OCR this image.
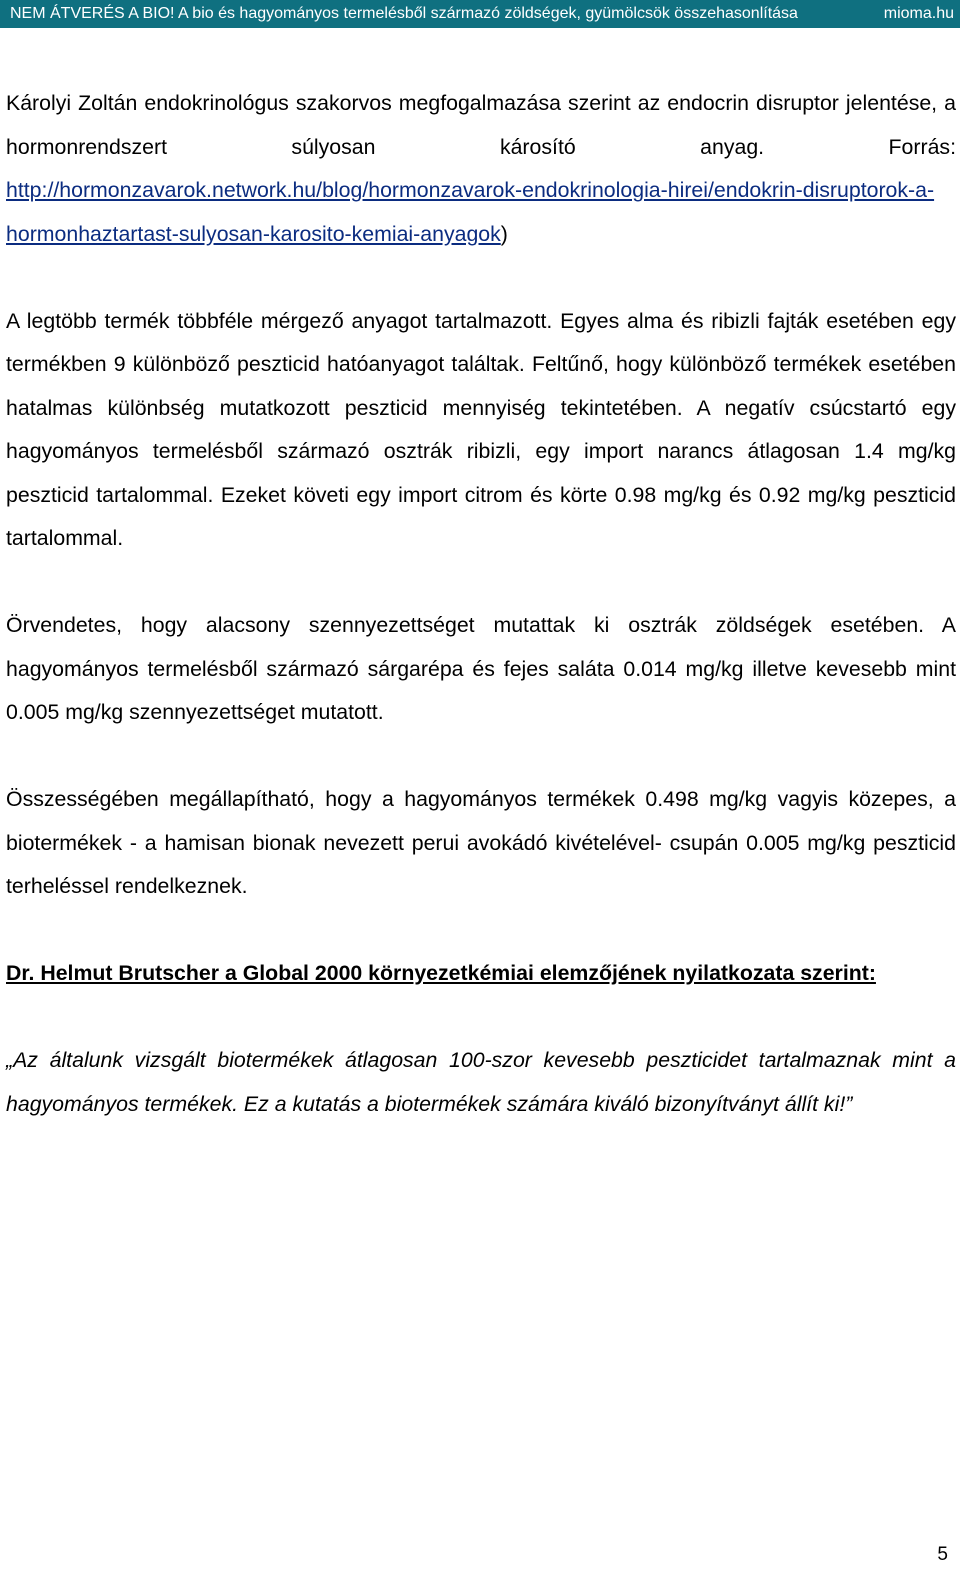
NEM ÁTVERÉS A BIO! A bio és hagyományos termelésből származó zöldségek, gyümölcsök összehasonlítása	mioma.hu

Károlyi Zoltán endokrinológus szakorvos megfogalmazása szerint az endocrin disruptor jelentése, a hormonrendszert súlyosan károsító anyag. Forrás: http://hormonzavarok.network.hu/blog/hormonzavarok-endokrinologia-hirei/endokrin-disruptorok-a-hormonhaztartast-sulyosan-karosito-kemiai-anyagok)

A legtöbb termék többféle mérgező anyagot tartalmazott. Egyes alma és ribizli fajták esetében egy termékben 9 különböző peszticid hatóanyagot találtak. Feltűnő, hogy különböző termékek esetében hatalmas különbség mutatkozott peszticid mennyiség tekintetében. A negatív csúcstartó egy hagyományos termelésből származó osztrák ribizli, egy import narancs átlagosan 1.4 mg/kg peszticid tartalommal. Ezeket követi egy import citrom és körte 0.98 mg/kg és 0.92 mg/kg peszticid tartalommal.

Örvendetes, hogy alacsony szennyezettséget mutattak ki osztrák zöldségek esetében. A hagyományos termelésből származó sárgarépa és fejes saláta 0.014 mg/kg illetve kevesebb mint 0.005 mg/kg szennyezettséget mutatott.

Összességében megállapítható, hogy a hagyományos termékek 0.498 mg/kg vagyis közepes, a biotermékek - a hamisan bionak nevezett perui avokádó kivételével- csupán 0.005 mg/kg peszticid terheléssel rendelkeznek.

Dr. Helmut Brutscher a Global 2000 környezetkémiai elemzőjének nyilatkozata szerint:

„Az általunk vizsgált biotermékek átlagosan 100-szor kevesebb peszticidet tartalmaznak mint a hagyományos termékek. Ez a kutatás a biotermékek számára kiváló bizonyítványt állít ki!”

5
